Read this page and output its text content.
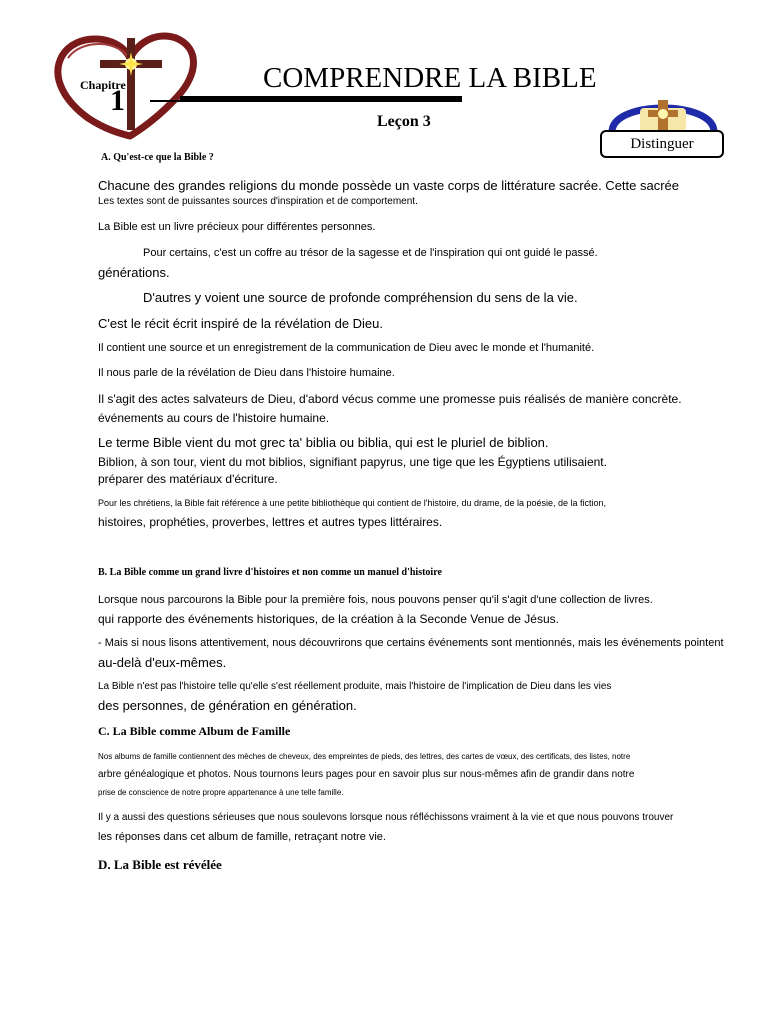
Chapitre
1
COMPRENDRE LA BIBLE
Leçon 3
Distinguer
A. Qu'est-ce que la Bible ?
Chacune des grandes religions du monde possède un vaste corps de littérature sacrée. Cette sacrée
Les textes sont de puissantes sources d'inspiration et de comportement.
La Bible est un livre précieux pour différentes personnes.
Pour certains, c'est un coffre au trésor de la sagesse et de l'inspiration qui ont guidé le passé.
générations.
D'autres y voient une source de profonde compréhension du sens de la vie.
C'est le récit écrit inspiré de la révélation de Dieu.
Il contient une source et un enregistrement de la communication de Dieu avec le monde et l'humanité.
Il nous parle de la révélation de Dieu dans l'histoire humaine.
Il s'agit des actes salvateurs de Dieu, d'abord vécus comme une promesse puis réalisés de manière concrète.
événements au cours de l'histoire humaine.
Le terme Bible vient du mot grec ta' biblia ou biblia, qui est le pluriel de biblion.
Biblion, à son tour, vient du mot biblios, signifiant papyrus, une tige que les Égyptiens utilisaient.
préparer des matériaux d'écriture.
Pour les chrétiens, la Bible fait référence à une petite bibliothèque qui contient de l'histoire, du drame, de la poésie, de la fiction,
histoires, prophéties, proverbes, lettres et autres types littéraires.
B. La Bible comme un grand livre d'histoires et non comme un manuel d'histoire
Lorsque nous parcourons la Bible pour la première fois, nous pouvons penser qu'il s'agit d'une collection de livres.
qui rapporte des événements historiques, de la création à la Seconde Venue de Jésus.
- Mais si nous lisons attentivement, nous découvrirons que certains événements sont mentionnés, mais les événements pointent
au-delà d'eux-mêmes.
La Bible n'est pas l'histoire telle qu'elle s'est réellement produite, mais l'histoire de l'implication de Dieu dans les vies
des personnes, de génération en génération.
C. La Bible comme Album de Famille
Nos albums de famille contiennent des mèches de cheveux, des empreintes de pieds, des lettres, des cartes de vœux, des certificats, des listes, notre
arbre généalogique et photos. Nous tournons leurs pages pour en savoir plus sur nous-mêmes afin de grandir dans notre
prise de conscience de notre propre appartenance à une telle famille.
Il y a aussi des questions sérieuses que nous soulevons lorsque nous réfléchissons vraiment à la vie et que nous pouvons trouver
les réponses dans cet album de famille, retraçant notre vie.
D. La Bible est révélée
